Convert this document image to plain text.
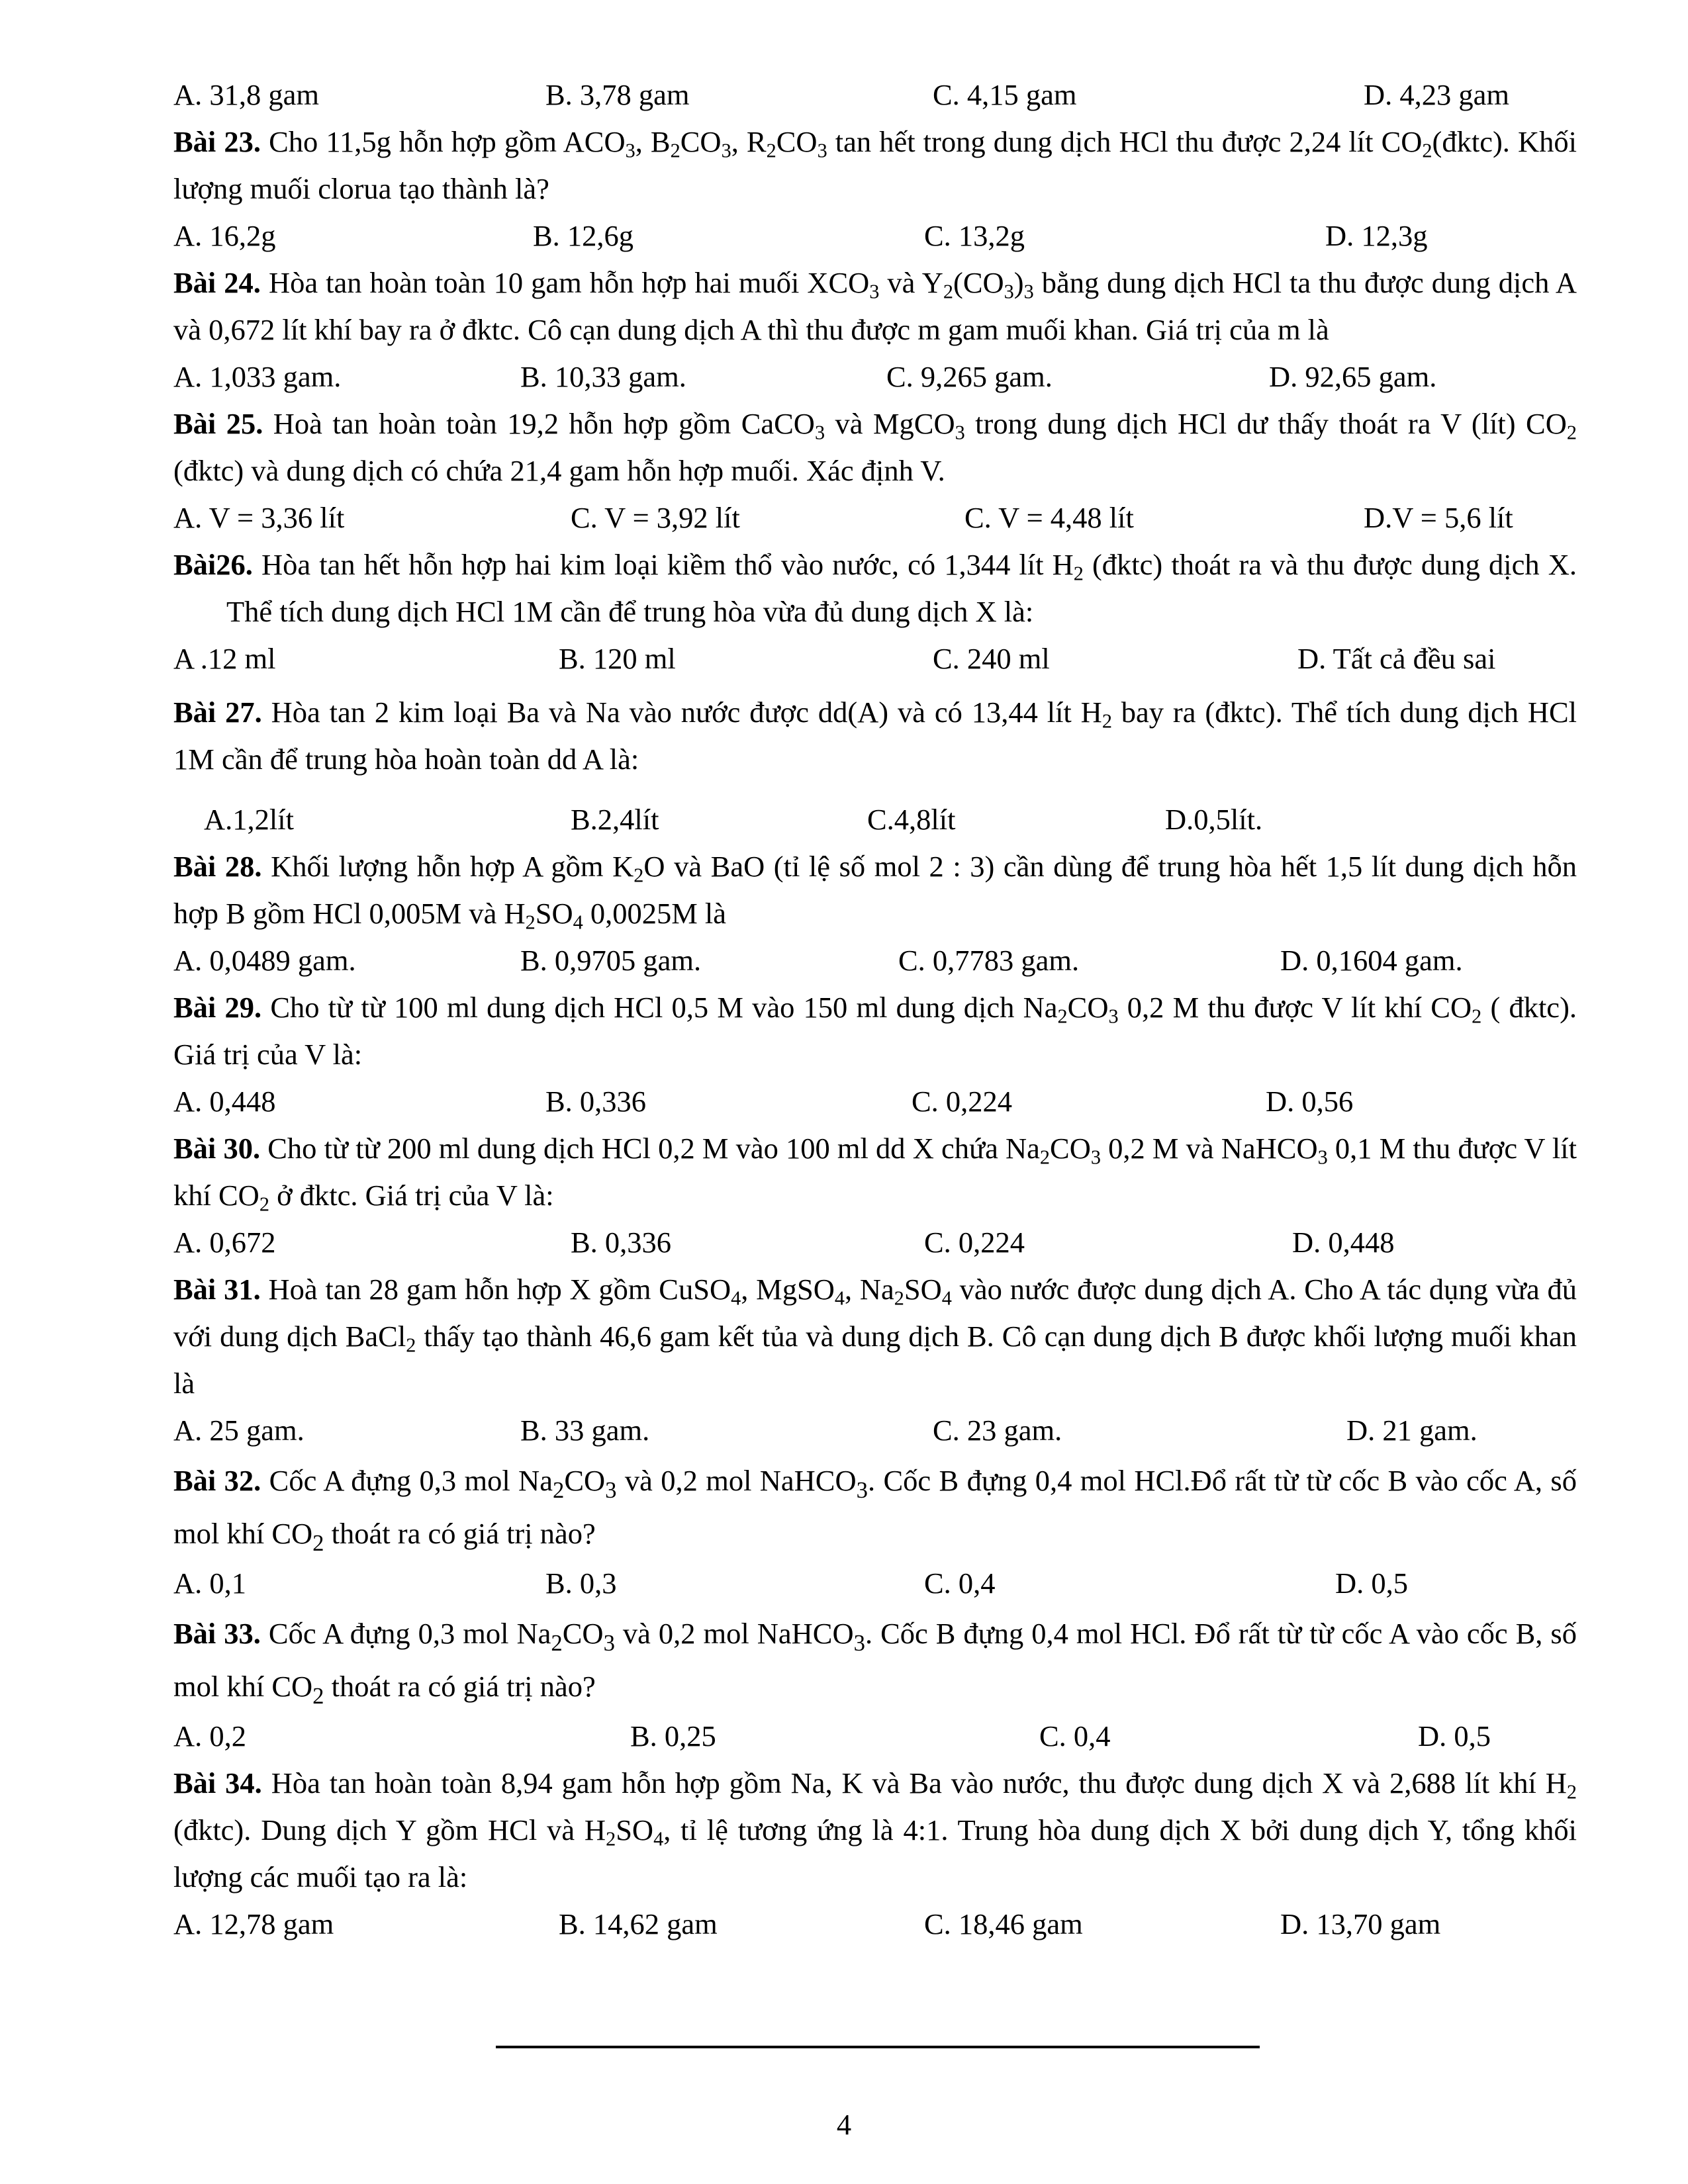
A. 31,8 gam	B. 3,78 gam	C. 4,15 gam	D. 4,23 gam

Bài 23. Cho 11,5g hỗn hợp gồm $ACO_3$, $B_2CO_3$, $R_2CO_3$ tan hết trong dung dịch HCl thu được 2,24 lít $CO_2(đktc)$. Khối lượng muối clorua tạo thành là?

A. 16,2g	B. 12,6g	C. 13,2g	D. 12,3g

Bài 24. Hòa tan hoàn toàn 10 gam hỗn hợp hai muối $XCO_3$ và $Y_2(CO_3)_3$ bằng dung dịch HCl ta thu được dung dịch A và 0,672 lít khí bay ra ở đktc. Cô cạn dung dịch A thì thu được m gam muối khan. Giá trị của m là

A. 1,033 gam.	B. 10,33 gam.	C. 9,265 gam.	D. 92,65 gam.

Bài 25. Hoà tan hoàn toàn 19,2 hỗn hợp gồm CaCO$_3$ và MgCO$_3$ trong dung dịch HCl dư thấy thoát ra V (lít) $CO_2$ (đktc) và dung dịch có chứa 21,4 gam hỗn hợp muối. Xác định V.

A. V = 3,36 lít	C. V = 3,92 lít	C. V = 4,48 lít	D.V = 5,6 lít

Bài26. Hòa tan hết hỗn hợp hai kim loại kiềm thổ vào nước, có 1,344 lít $H_2$ (đktc) thoát ra và thu được dung dịch X. Thể tích dung dịch HCl 1M cần để trung hòa vừa đủ dung dịch X là:

A .12 ml	B. 120 ml	C. 240 ml	D. Tất cả đều sai

Bài 27. Hòa tan 2 kim loại Ba và Na vào nước được dd(A) và có 13,44 lít $H_2$ bay ra (đktc). Thể tích dung dịch HCl 1M cần để trung hòa hoàn toàn dd A là:

A.1,2lít	B.2,4lít	C.4,8lít	D.0,5lít.

Bài 28. Khối lượng hỗn hợp A gồm $K_2O$ và BaO (tỉ lệ số mol 2 : 3) cần dùng để trung hòa hết 1,5 lít dung dịch hỗn hợp B gồm HCl 0,005M và $H_2SO_4$ 0,0025M là

A. 0,0489 gam.	B. 0,9705 gam.	C. 0,7783 gam.	D. 0,1604 gam.

Bài 29. Cho từ từ 100 ml dung dịch HCl 0,5 M vào 150 ml dung dịch $Na_2CO_3$ 0,2 M thu được V lít khí $CO_2$ ( đktc). Giá trị của V là:

A. 0,448	B. 0,336	C. 0,224	D. 0,56

Bài 30. Cho từ từ 200 ml dung dịch HCl 0,2 M vào 100 ml dd X chứa $Na_2CO_3$ 0,2 M và NaHCO$_3$ 0,1 M thu được V lít khí $CO_2$ ở đktc. Giá trị của V là:

A. 0,672	B. 0,336	C. 0,224	D. 0,448

Bài 31. Hoà tan 28 gam hỗn hợp X gồm CuSO$_4$, MgSO$_4$, $Na_2SO_4$ vào nước được dung dịch A. Cho A tác dụng vừa đủ với dung dịch BaCl$_2$ thấy tạo thành 46,6 gam kết tủa và dung dịch B. Cô cạn dung dịch B được khối lượng muối khan là

A. 25 gam.	B. 33 gam.	C. 23 gam.	D. 21 gam.

Bài 32. Cốc A đựng 0,3 mol $Na_2CO_3$ và 0,2 mol NaHCO$_3$. Cốc B đựng 0,4 mol HCl.Đổ rất từ từ cốc B vào cốc A, số mol khí $CO_2$ thoát ra có giá trị nào?

A. 0,1	B. 0,3	C. 0,4	D. 0,5

Bài 33. Cốc A đựng 0,3 mol $Na_2CO_3$ và 0,2 mol NaHCO$_3$. Cốc B đựng 0,4 mol HCl. Đổ rất từ từ cốc A vào cốc B, số mol khí $CO_2$ thoát ra có giá trị nào?

A. 0,2	B. 0,25	C. 0,4	D. 0,5

Bài 34. Hòa tan hoàn toàn 8,94 gam hỗn hợp gồm Na, K và Ba vào nước, thu được dung dịch X và 2,688 lít khí $H_2$ (đktc). Dung dịch Y gồm HCl và $H_2SO_4$, tỉ lệ tương ứng là 4:1. Trung hòa dung dịch X bởi dung dịch Y, tổng khối lượng các muối tạo ra là:

A. 12,78 gam	B. 14,62 gam	C. 18,46 gam	D. 13,70 gam
4
